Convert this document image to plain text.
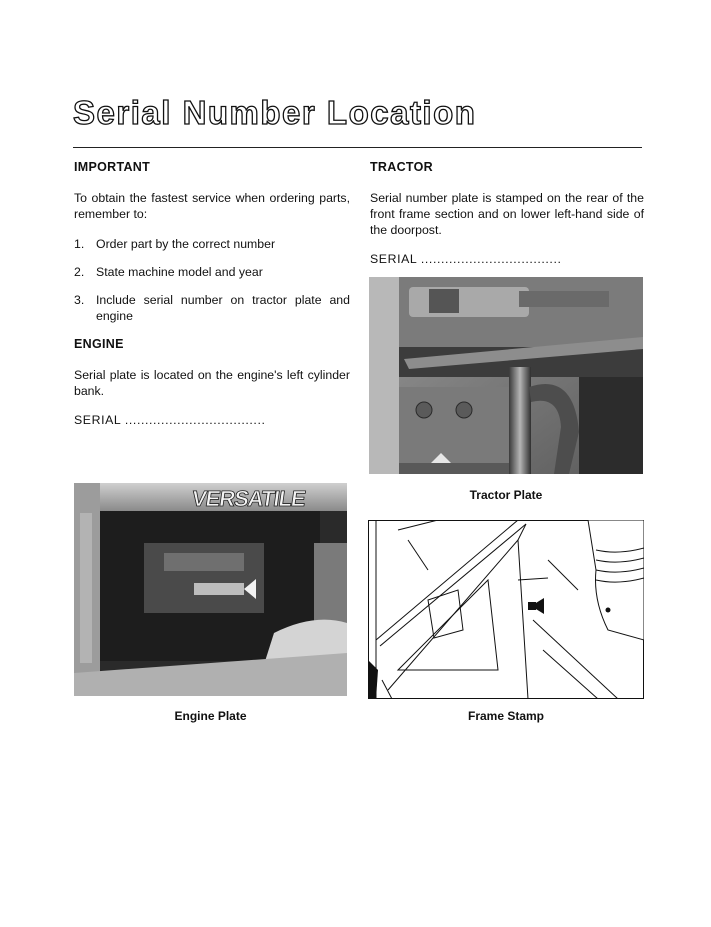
Serial Number Location
IMPORTANT

To obtain the fastest service when ordering parts, remember to:

1. Order part by the correct number
2. State machine model and year
3. Include serial number on tractor plate and engine
ENGINE

Serial plate is located on the engine's left cylinder bank.

SERIAL ...................................

TRACTOR

Serial number plate is stamped on the rear of the front frame section and on lower left-hand side of the doorpost.

SERIAL ...................................

Tractor Plate
VERSATILE
Engine Plate	Frame Stamp
